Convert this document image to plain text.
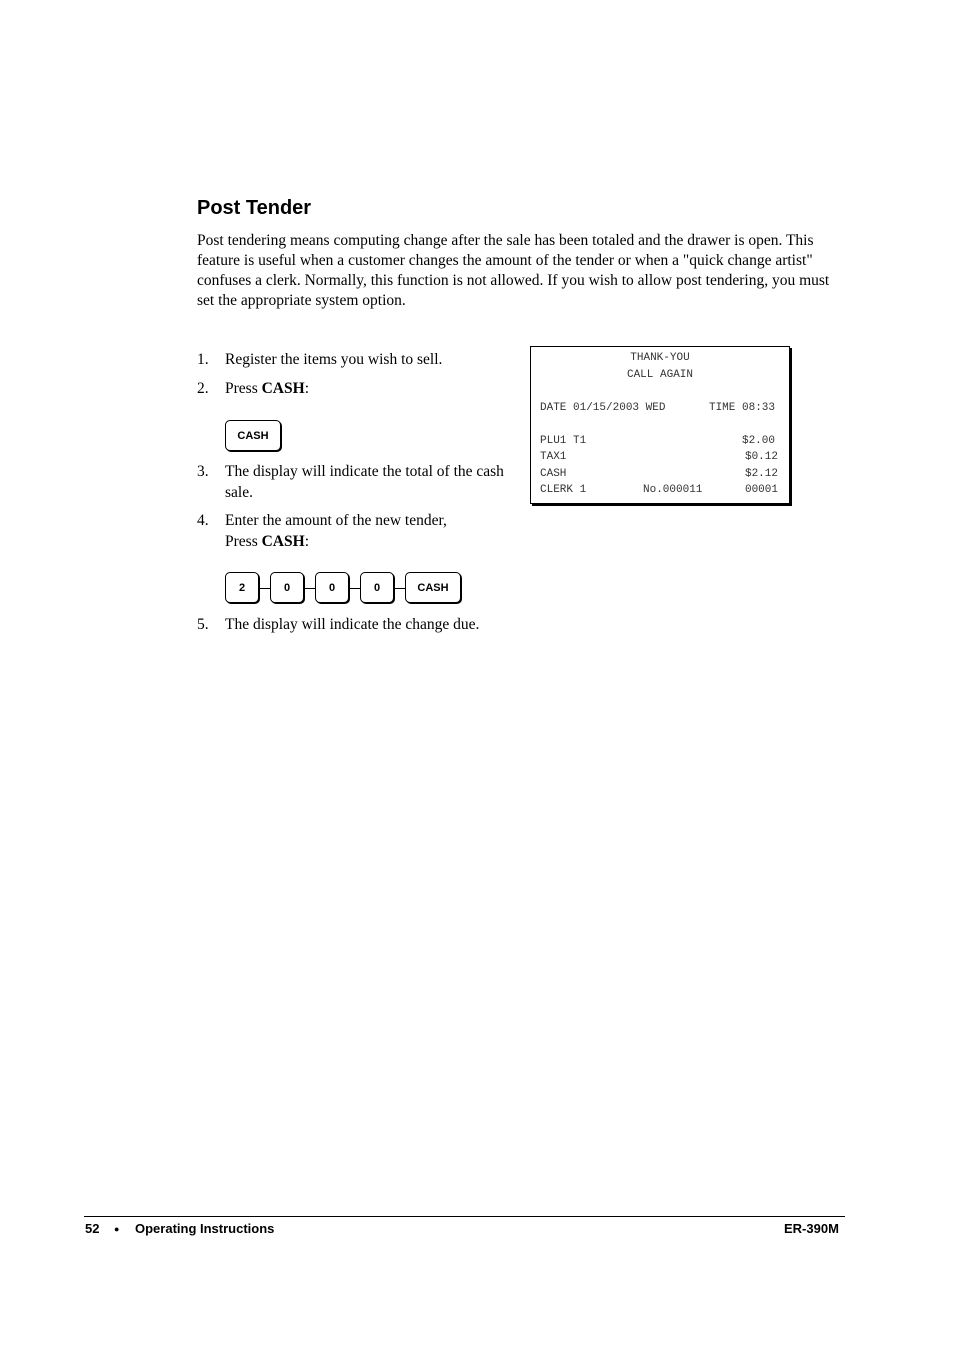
Post Tender

Post tendering means computing change after the sale has been totaled and the drawer is open. This feature is useful when a customer changes the amount of the tender or when a "quick change artist" confuses a clerk. Normally, this function is not allowed. If you wish to allow post tendering, you must set the appropriate system option.

1. Register the items you wish to sell.
2. Press CASH:
CASH
3. The display will indicate the total of the cash sale.
4. Enter the amount of the new tender,
Press CASH:
2	0	0	0	CASH
5. The display will indicate the change due.
THANK-YOU
CALL AGAIN
DATE 01/15/2003 WED	TIME 08:33
PLU1 T1	$2.00
TAX1	$0.12
CASH	$2.12
CLERK 1	No.000011	00001
52 ● Operating Instructions	ER-390M
